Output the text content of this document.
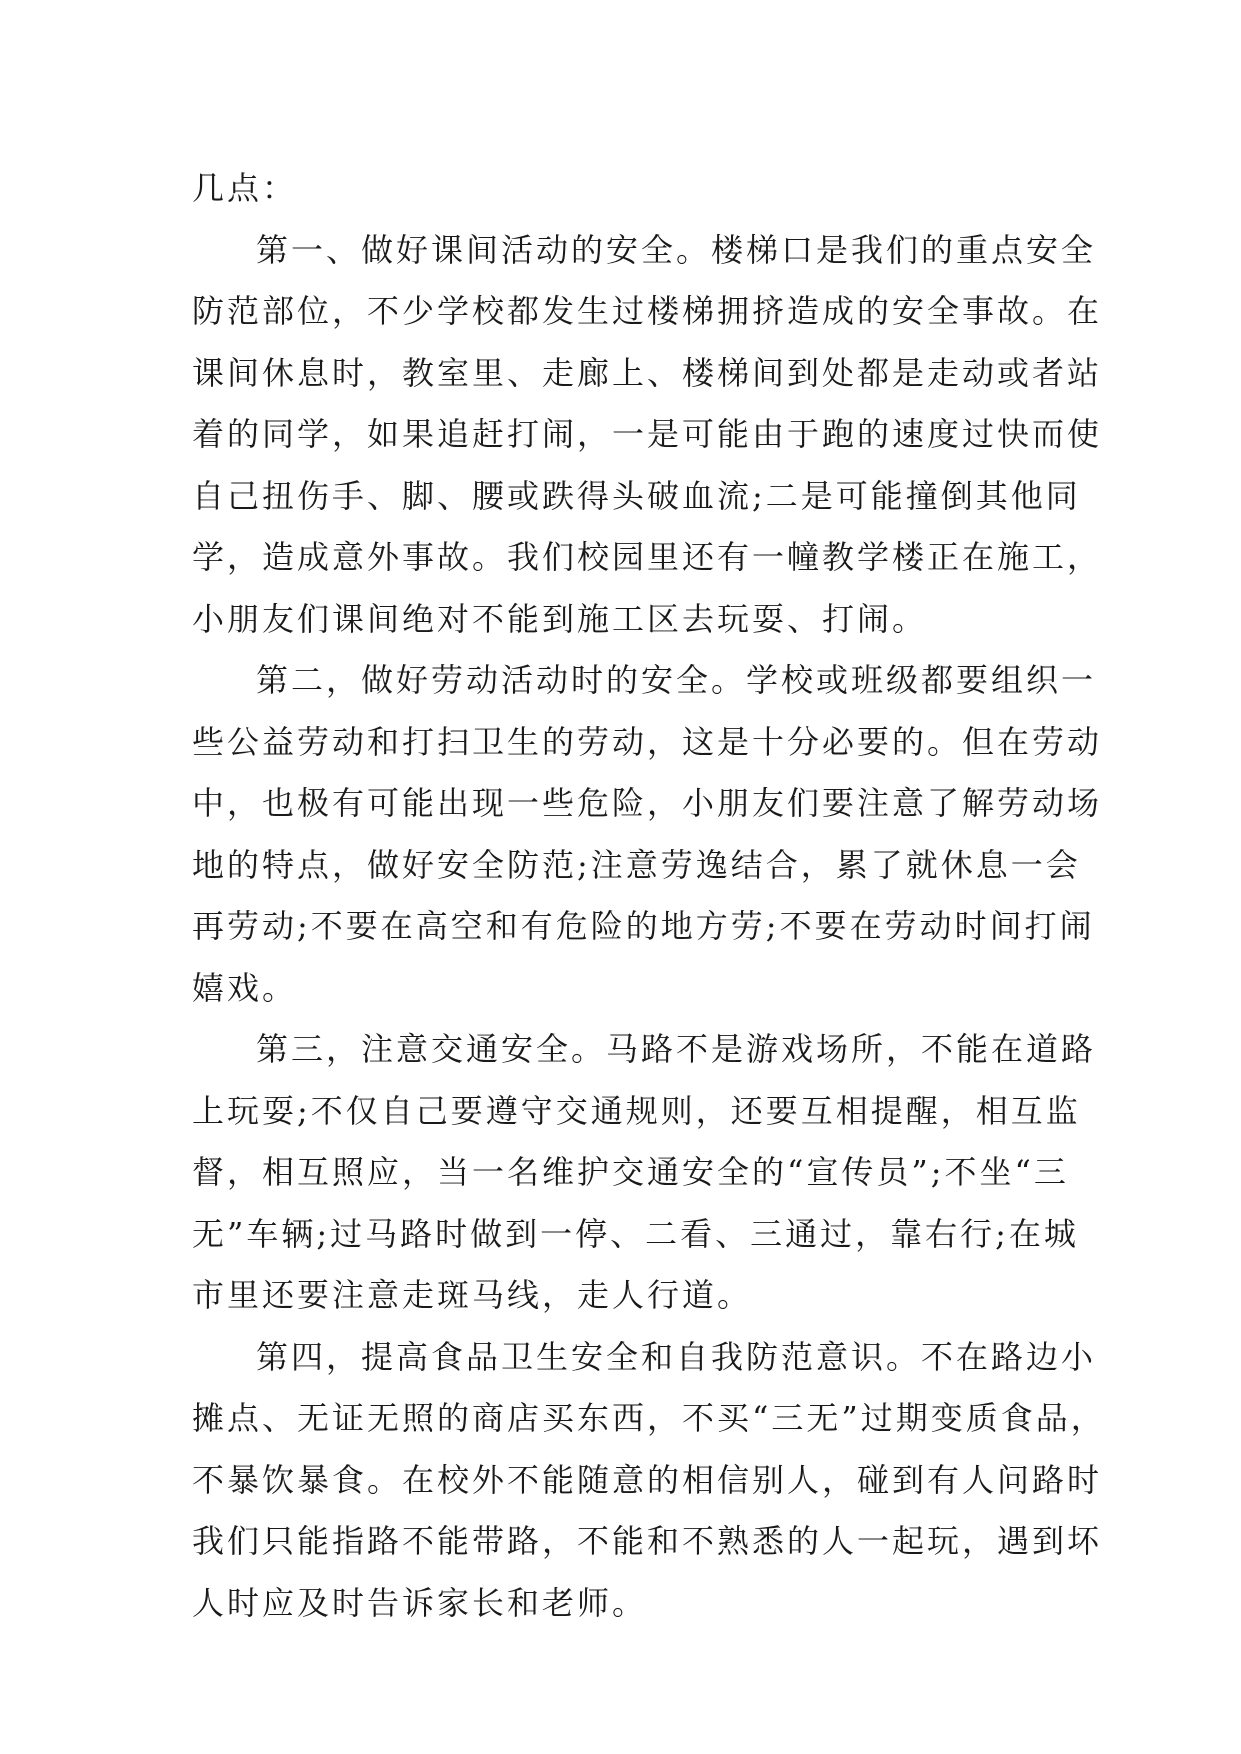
几点：
第一、做好课间活动的安全。楼梯口是我们的重点安全
防范部位，不少学校都发生过楼梯拥挤造成的安全事故。在
课间休息时，教室里、走廊上、楼梯间到处都是走动或者站
着的同学，如果追赶打闹，一是可能由于跑的速度过快而使
自己扭伤手、脚、腰或跌得头破血流;二是可能撞倒其他同
学，造成意外事故。我们校园里还有一幢教学楼正在施工，
小朋友们课间绝对不能到施工区去玩耍、打闹。
第二，做好劳动活动时的安全。学校或班级都要组织一
些公益劳动和打扫卫生的劳动，这是十分必要的。但在劳动
中，也极有可能出现一些危险，小朋友们要注意了解劳动场
地的特点，做好安全防范;注意劳逸结合，累了就休息一会
再劳动;不要在高空和有危险的地方劳;不要在劳动时间打闹
嬉戏。
第三，注意交通安全。马路不是游戏场所，不能在道路
上玩耍;不仅自己要遵守交通规则，还要互相提醒，相互监
督，相互照应，当一名维护交通安全的“宣传员”;不坐“三
无”车辆;过马路时做到一停、二看、三通过，靠右行;在城
市里还要注意走斑马线，走人行道。
第四，提高食品卫生安全和自我防范意识。不在路边小
摊点、无证无照的商店买东西，不买“三无”过期变质食品，
不暴饮暴食。在校外不能随意的相信别人，碰到有人问路时
我们只能指路不能带路，不能和不熟悉的人一起玩，遇到坏
人时应及时告诉家长和老师。
